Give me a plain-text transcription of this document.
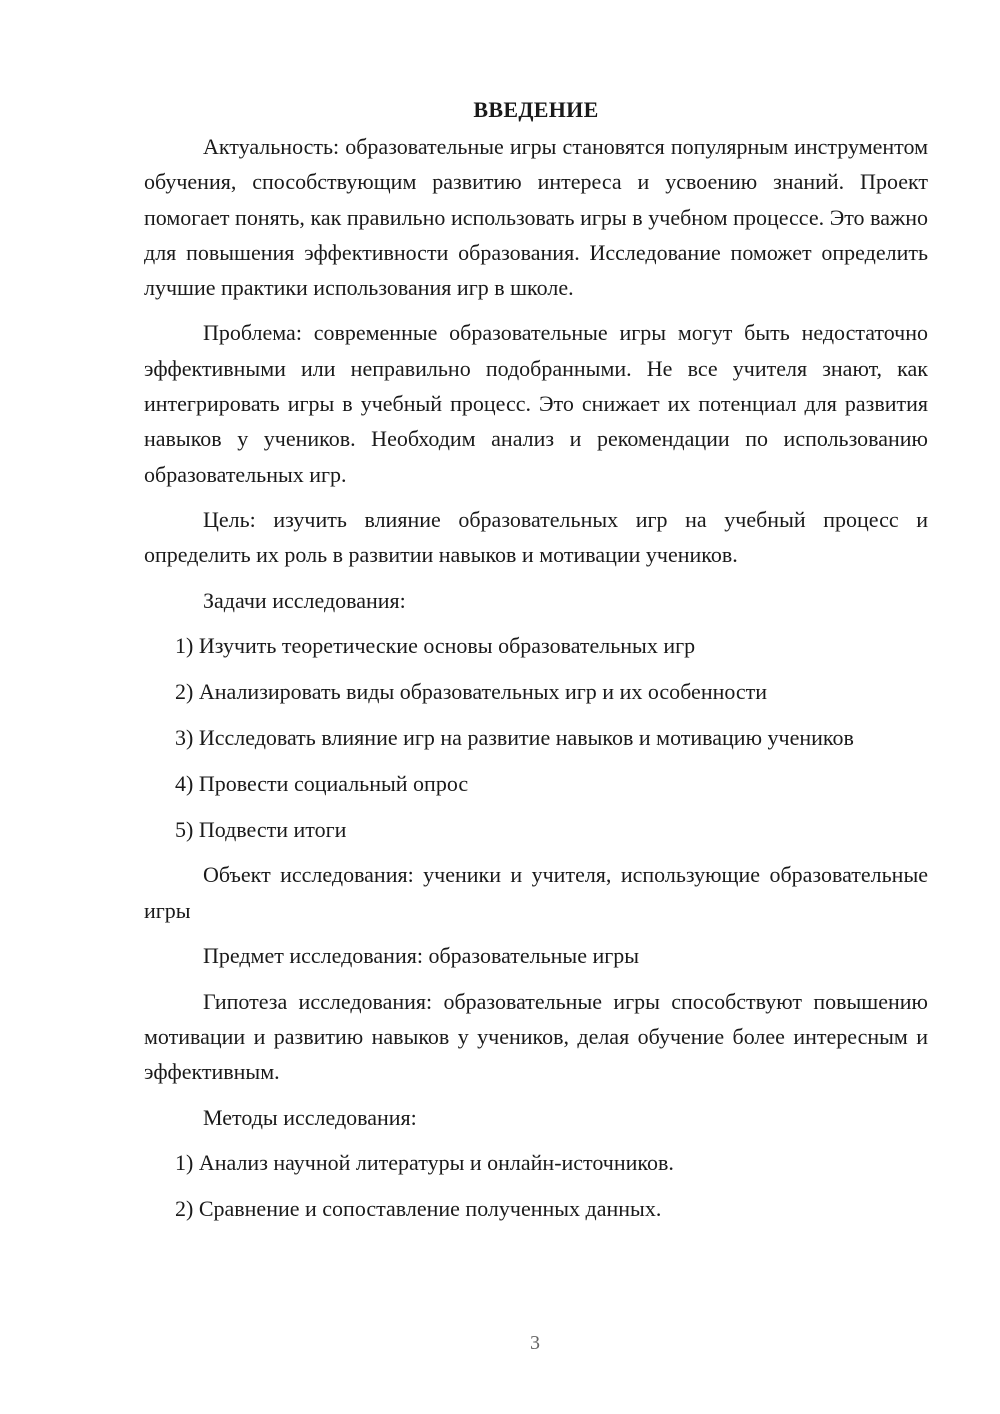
ВВЕДЕНИЕ

Актуальность: образовательные игры становятся популярным инструментом обучения, способствующим развитию интереса и усвоению знаний. Проект помогает понять, как правильно использовать игры в учебном процессе. Это важно для повышения эффективности образования. Исследование поможет определить лучшие практики использования игр в школе.

Проблема: современные образовательные игры могут быть недостаточно эффективными или неправильно подобранными. Не все учителя знают, как интегрировать игры в учебный процесс. Это снижает их потенциал для развития навыков у учеников. Необходим анализ и рекомендации по использованию образовательных игр.

Цель: изучить влияние образовательных игр на учебный процесс и определить их роль в развитии навыков и мотивации учеников.

Задачи исследования:

1) Изучить теоретические основы образовательных игр

2) Анализировать виды образовательных игр и их особенности

3) Исследовать влияние игр на развитие навыков и мотивацию учеников

4) Провести социальный опрос

5) Подвести итоги

Объект исследования: ученики и учителя, использующие образовательные игры

Предмет исследования: образовательные игры

Гипотеза исследования: образовательные игры способствуют повышению мотивации и развитию навыков у учеников, делая обучение более интересным и эффективным.

Методы исследования:

1) Анализ научной литературы и онлайн-источников.

2) Сравнение и сопоставление полученных данных.

3
